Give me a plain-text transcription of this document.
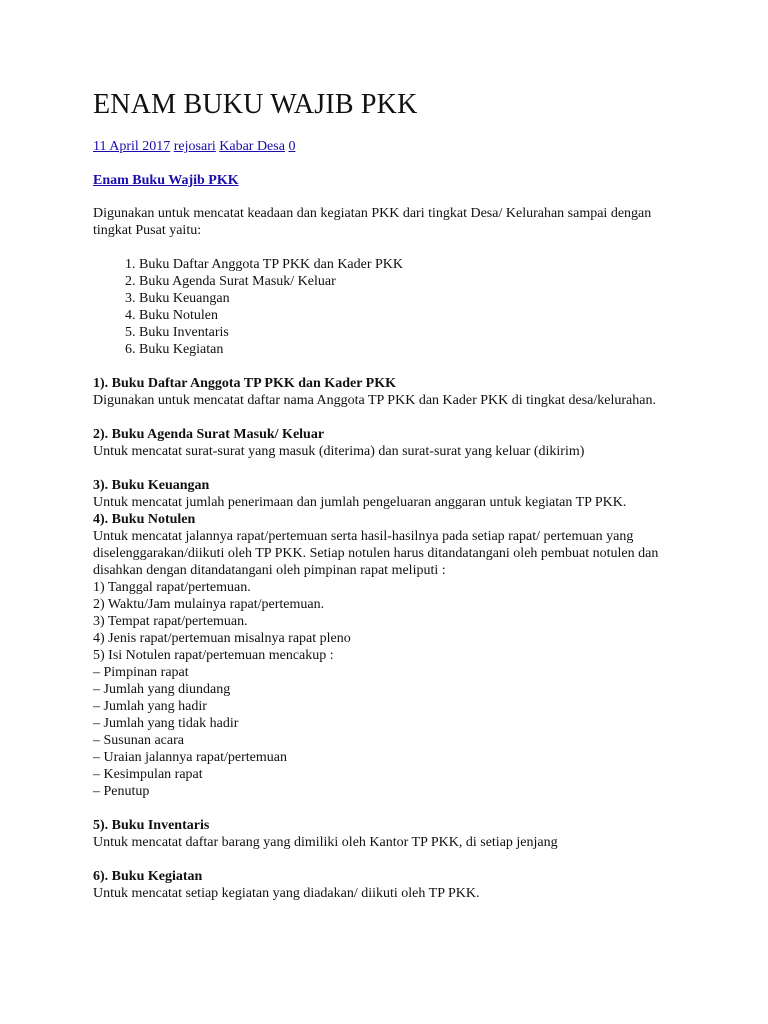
ENAM BUKU WAJIB PKK
11 April 2017 rejosari Kabar Desa 0
Enam Buku Wajib PKK

Digunakan untuk mencatat keadaan dan kegiatan PKK dari tingkat Desa/ Kelurahan sampai dengan tingkat Pusat yaitu:

1. Buku Daftar Anggota TP PKK dan Kader PKK
2. Buku Agenda Surat Masuk/ Keluar
3. Buku Keuangan
4. Buku Notulen
5. Buku Inventaris
6. Buku Kegiatan
1). Buku Daftar Anggota TP PKK dan Kader PKK

Digunakan untuk mencatat daftar nama Anggota TP PKK dan Kader PKK di tingkat desa/kelurahan.

2). Buku Agenda Surat Masuk/ Keluar

Untuk mencatat surat-surat yang masuk (diterima) dan surat-surat yang keluar (dikirim)

3). Buku Keuangan

Untuk mencatat jumlah penerimaan dan jumlah pengeluaran anggaran untuk kegiatan TP PKK.

4). Buku Notulen

Untuk mencatat jalannya rapat/pertemuan serta hasil-hasilnya pada setiap rapat/ pertemuan yang diselenggarakan/diikuti oleh TP PKK. Setiap notulen harus ditandatangani oleh pembuat notulen dan disahkan dengan ditandatangani oleh pimpinan rapat meliputi :

1) Tanggal rapat/pertemuan.
2) Waktu/Jam mulainya rapat/pertemuan.
3) Tempat rapat/pertemuan.
4) Jenis rapat/pertemuan misalnya rapat pleno
5) Isi Notulen rapat/pertemuan mencakup :
– Pimpinan rapat
– Jumlah yang diundang
– Jumlah yang hadir
– Jumlah yang tidak hadir
– Susunan acara
– Uraian jalannya rapat/pertemuan
– Kesimpulan rapat
– Penutup
5). Buku Inventaris

Untuk mencatat daftar barang yang dimiliki oleh Kantor TP PKK, di setiap jenjang

6). Buku Kegiatan

Untuk mencatat setiap kegiatan yang diadakan/ diikuti oleh TP PKK.
